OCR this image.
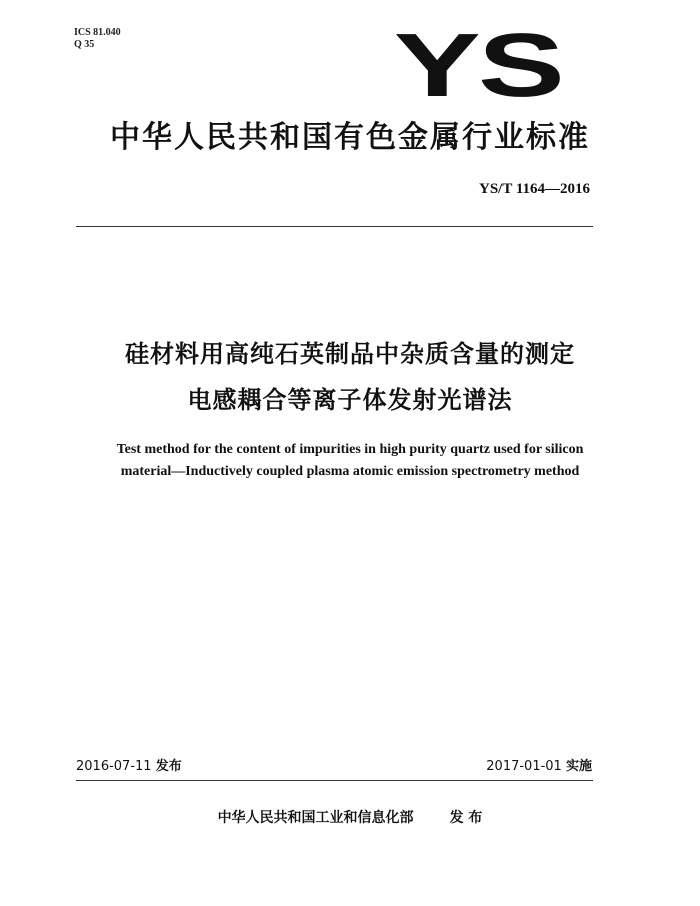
ICS 81.040
Q 35	YS
中华人民共和国有色金属行业标准
YS/T 1164—2016
硅材料用高纯石英制品中杂质含量的测定
电感耦合等离子体发射光谱法
Test method for the content of impurities in high purity quartz used for silicon
material—Inductively coupled plasma atomic emission spectrometry method
2016-07-11 发布	2017-01-01 实施
中华人民共和国工业和信息化部	发 布
